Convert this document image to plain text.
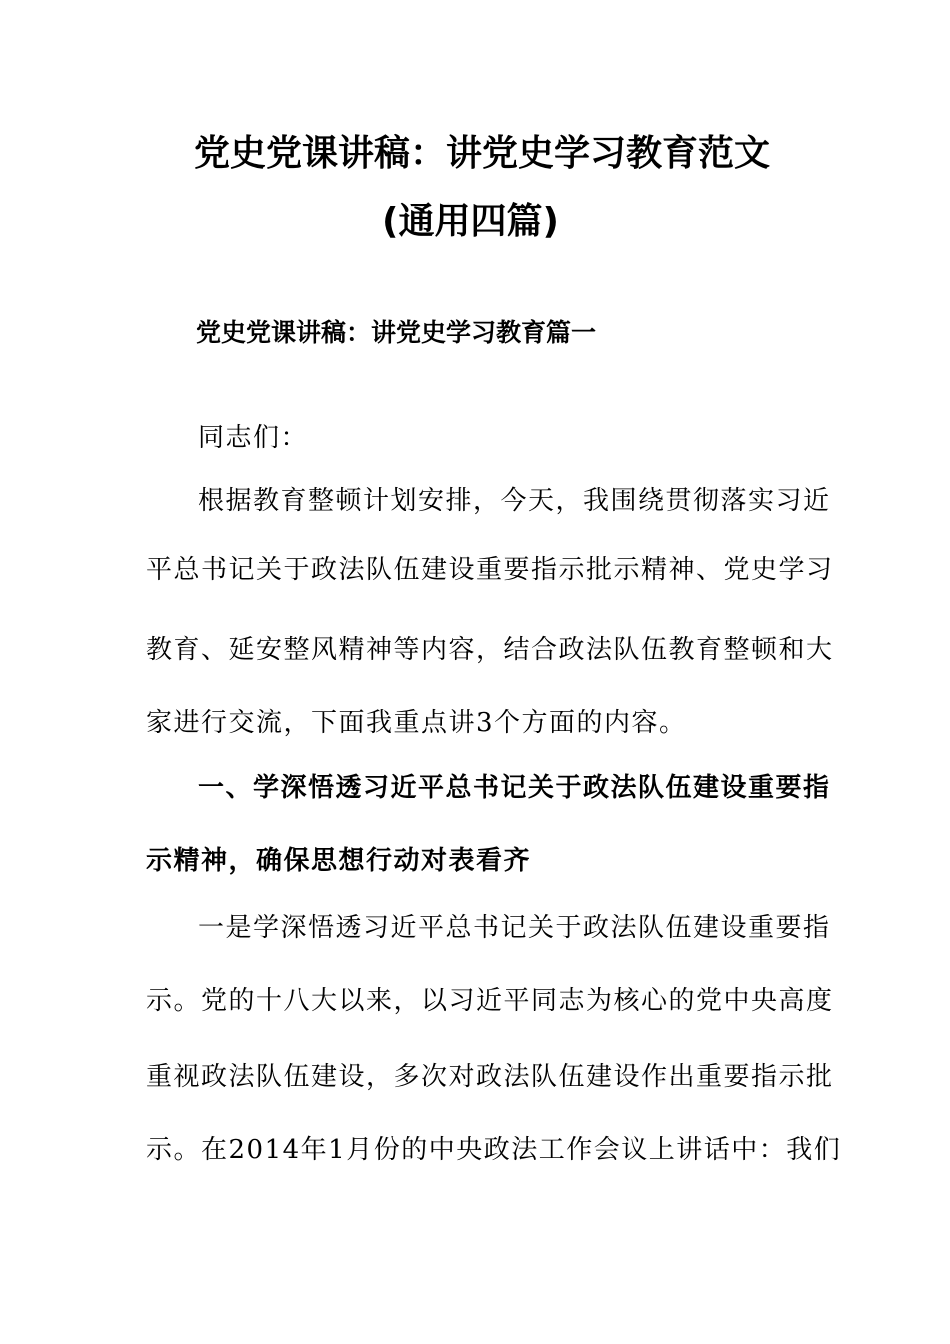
党史党课讲稿：讲党史学习教育范文
(通用四篇)
党史党课讲稿：讲党史学习教育篇一
同志们：
根据教育整顿计划安排，今天，我围绕贯彻落实习近
平总书记关于政法队伍建设重要指示批示精神、党史学习
教育、延安整风精神等内容，结合政法队伍教育整顿和大
家进行交流，下面我重点讲3个方面的内容。
一、学深悟透习近平总书记关于政法队伍建设重要指
示精神，确保思想行动对表看齐
一是学深悟透习近平总书记关于政法队伍建设重要指
示。党的十八大以来，以习近平同志为核心的党中央高度
重视政法队伍建设，多次对政法队伍建设作出重要指示批
示。在2014年1月份的中央政法工作会议上讲话中：我们
